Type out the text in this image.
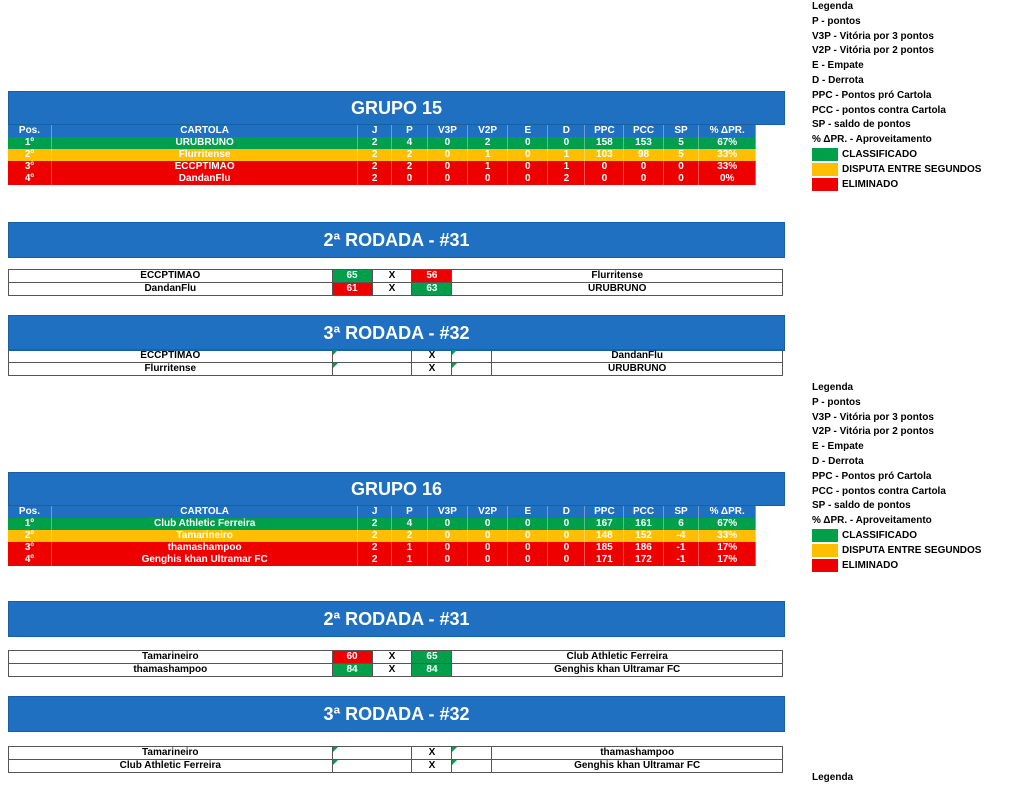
Legenda
P - pontos
V3P - Vitória por 3 pontos
V2P - Vitória por 2 pontos
E - Empate
D - Derrota
PPC - Pontos pró Cartola
PCC - pontos contra Cartola
SP - saldo de pontos
% ΔPR. - Aproveitamento
CLASSIFICADO
DISPUTA ENTRE SEGUNDOS
ELIMINADO
Legenda
P - pontos
V3P - Vitória por 3 pontos
V2P - Vitória por 2 pontos
E - Empate
D - Derrota
PPC - Pontos pró Cartola
PCC - pontos contra Cartola
SP - saldo de pontos
% ΔPR. - Aproveitamento
CLASSIFICADO
DISPUTA ENTRE SEGUNDOS
ELIMINADO
Legenda
GRUPO 15
Pos.	CARTOLA	J	P	V3P	V2P	E	D	PPC	PCC	SP	% ΔPR.
1º	URUBRUNO	2	4	0	2	0	0	158	153	5	67%
2º	Flurritense	2	2	0	1	0	1	103	98	5	33%
3º	ECCPTIMAO	2	2	0	1	0	1	0	0	0	33%
4º	DandanFlu	2	0	0	0	0	2	0	0	0	0%
2ª RODADA - #31
ECCPTIMAO	65	X	56	Flurritense
DandanFlu	61	X	63	URUBRUNO
3ª RODADA - #32
ECCPTIMAO		X		DandanFlu
Flurritense		X		URUBRUNO
GRUPO 16
Pos.	CARTOLA	J	P	V3P	V2P	E	D	PPC	PCC	SP	% ΔPR.
1º	Club Athletic Ferreira	2	4	0	0	0	0	167	161	6	67%
2º	Tamarineiro	2	2	0	0	0	0	148	152	-4	33%
3º	thamashampoo	2	1	0	0	0	0	185	186	-1	17%
4º	Genghis khan Ultramar FC	2	1	0	0	0	0	171	172	-1	17%
2ª RODADA - #31
Tamarineiro	60	X	65	Club Athletic Ferreira
thamashampoo	84	X	84	Genghis khan Ultramar FC
3ª RODADA - #32
Tamarineiro		X		thamashampoo
Club Athletic Ferreira		X		Genghis khan Ultramar FC
